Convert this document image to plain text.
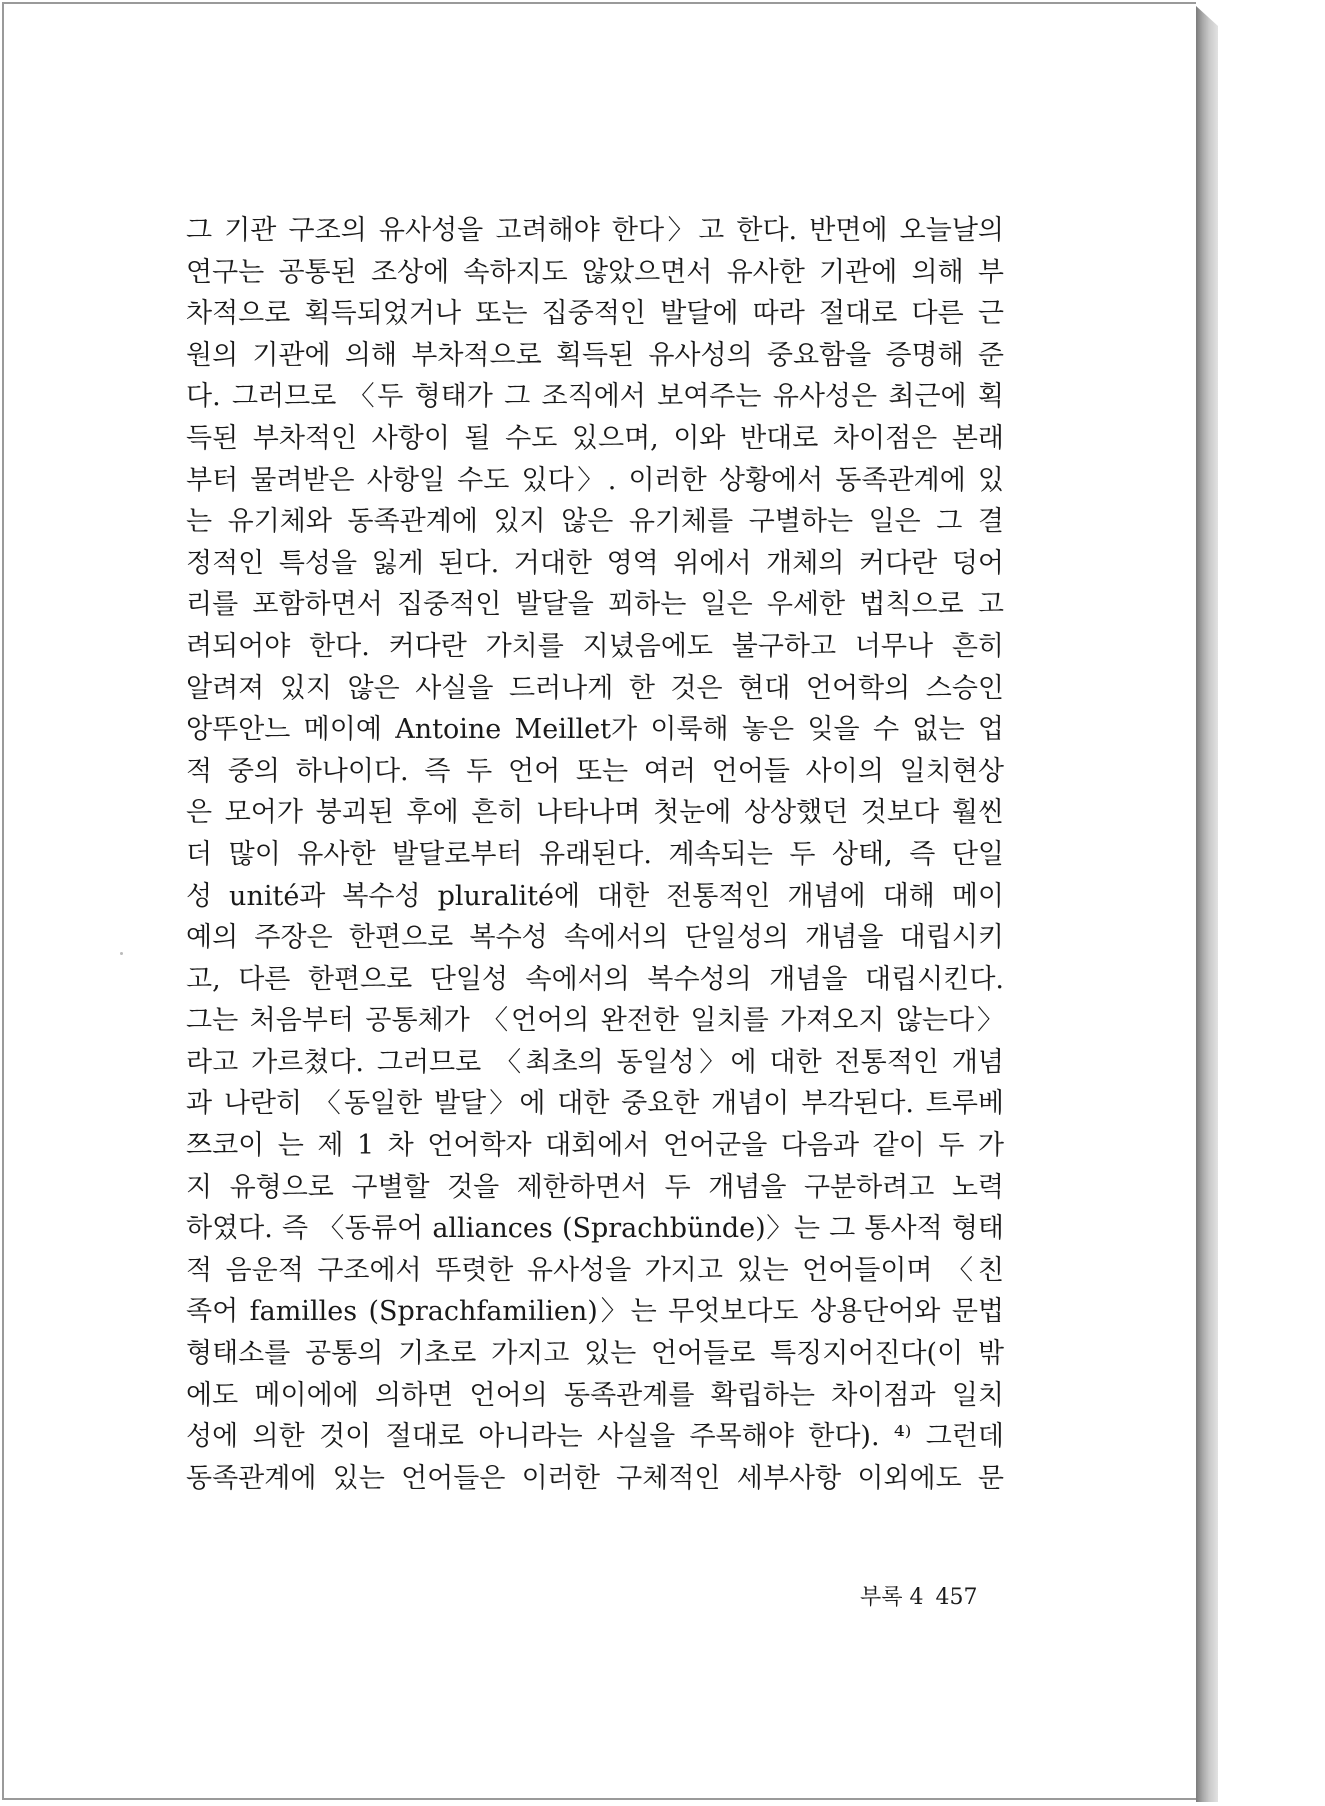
그 기관 구조의 유사성을 고려해야 한다〉고 한다. 반면에 오늘날의
연구는 공통된 조상에 속하지도 않았으면서 유사한 기관에 의해 부
차적으로 획득되었거나 또는 집중적인 발달에 따라 절대로 다른 근
원의 기관에 의해 부차적으로 획득된 유사성의 중요함을 증명해 준
다. 그러므로 〈두 형태가 그 조직에서 보여주는 유사성은 최근에 획
득된 부차적인 사항이 될 수도 있으며, 이와 반대로 차이점은 본래
부터 물려받은 사항일 수도 있다〉. 이러한 상황에서 동족관계에 있
는 유기체와 동족관계에 있지 않은 유기체를 구별하는 일은 그 결
정적인 특성을 잃게 된다. 거대한 영역 위에서 개체의 커다란 덩어
리를 포함하면서 집중적인 발달을 꾀하는 일은 우세한 법칙으로 고
려되어야 한다. 커다란 가치를 지녔음에도 불구하고 너무나 흔히
알려져 있지 않은 사실을 드러나게 한 것은 현대 언어학의 스승인
앙뚜안느 메이예 Antoine Meillet가 이룩해 놓은 잊을 수 없는 업
적 중의 하나이다. 즉 두 언어 또는 여러 언어들 사이의 일치현상
은 모어가 붕괴된 후에 흔히 나타나며 첫눈에 상상했던 것보다 훨씬
더 많이 유사한 발달로부터 유래된다. 계속되는 두 상태, 즉 단일
성 unité과 복수성 pluralité에 대한 전통적인 개념에 대해 메이
예의 주장은 한편으로 복수성 속에서의 단일성의 개념을 대립시키
고, 다른 한편으로 단일성 속에서의 복수성의 개념을 대립시킨다.
그는 처음부터 공통체가 〈언어의 완전한 일치를 가져오지 않는다〉
라고 가르쳤다. 그러므로 〈최초의 동일성〉에 대한 전통적인 개념
과 나란히 〈동일한 발달〉에 대한 중요한 개념이 부각된다. 트루베
쯔코이 는 제 1 차 언어학자 대회에서 언어군을 다음과 같이 두 가
지 유형으로 구별할 것을 제한하면서 두 개념을 구분하려고 노력
하였다. 즉 〈동류어 alliances (Sprachbünde)〉는 그 통사적 형태
적 음운적 구조에서 뚜렷한 유사성을 가지고 있는 언어들이며 〈친
족어 familles (Sprachfamilien)〉는 무엇보다도 상용단어와 문법
형태소를 공통의 기초로 가지고 있는 언어들로 특징지어진다(이 밖
에도 메이에에 의하면 언어의 동족관계를 확립하는 차이점과 일치
성에 의한 것이 절대로 아니라는 사실을 주목해야 한다). ⁴⁾ 그런데
동족관계에 있는 언어들은 이러한 구체적인 세부사항 이외에도 문
부록 4 457
